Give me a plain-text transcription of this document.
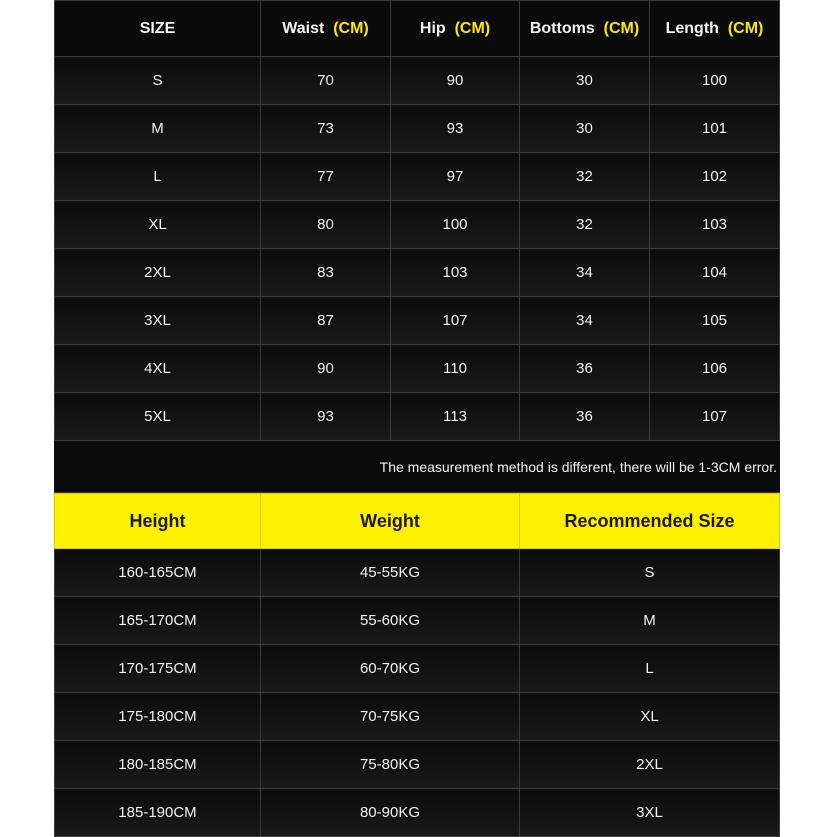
SIZE	Waist (CM)	Hip (CM)	Bottoms (CM)	Length (CM)
S	70	90	30	100
M	73	93	30	101
L	77	97	32	102
XL	80	100	32	103
2XL	83	103	34	104
3XL	87	107	34	105
4XL	90	110	36	106
5XL	93	113	36	107
The measurement method is different, there will be 1-3CM error.				
Height	Weight	Recommended Size
160-165CM	45-55KG	S
165-170CM	55-60KG	M
170-175CM	60-70KG	L
175-180CM	70-75KG	XL
180-185CM	75-80KG	2XL
185-190CM	80-90KG	3XL
